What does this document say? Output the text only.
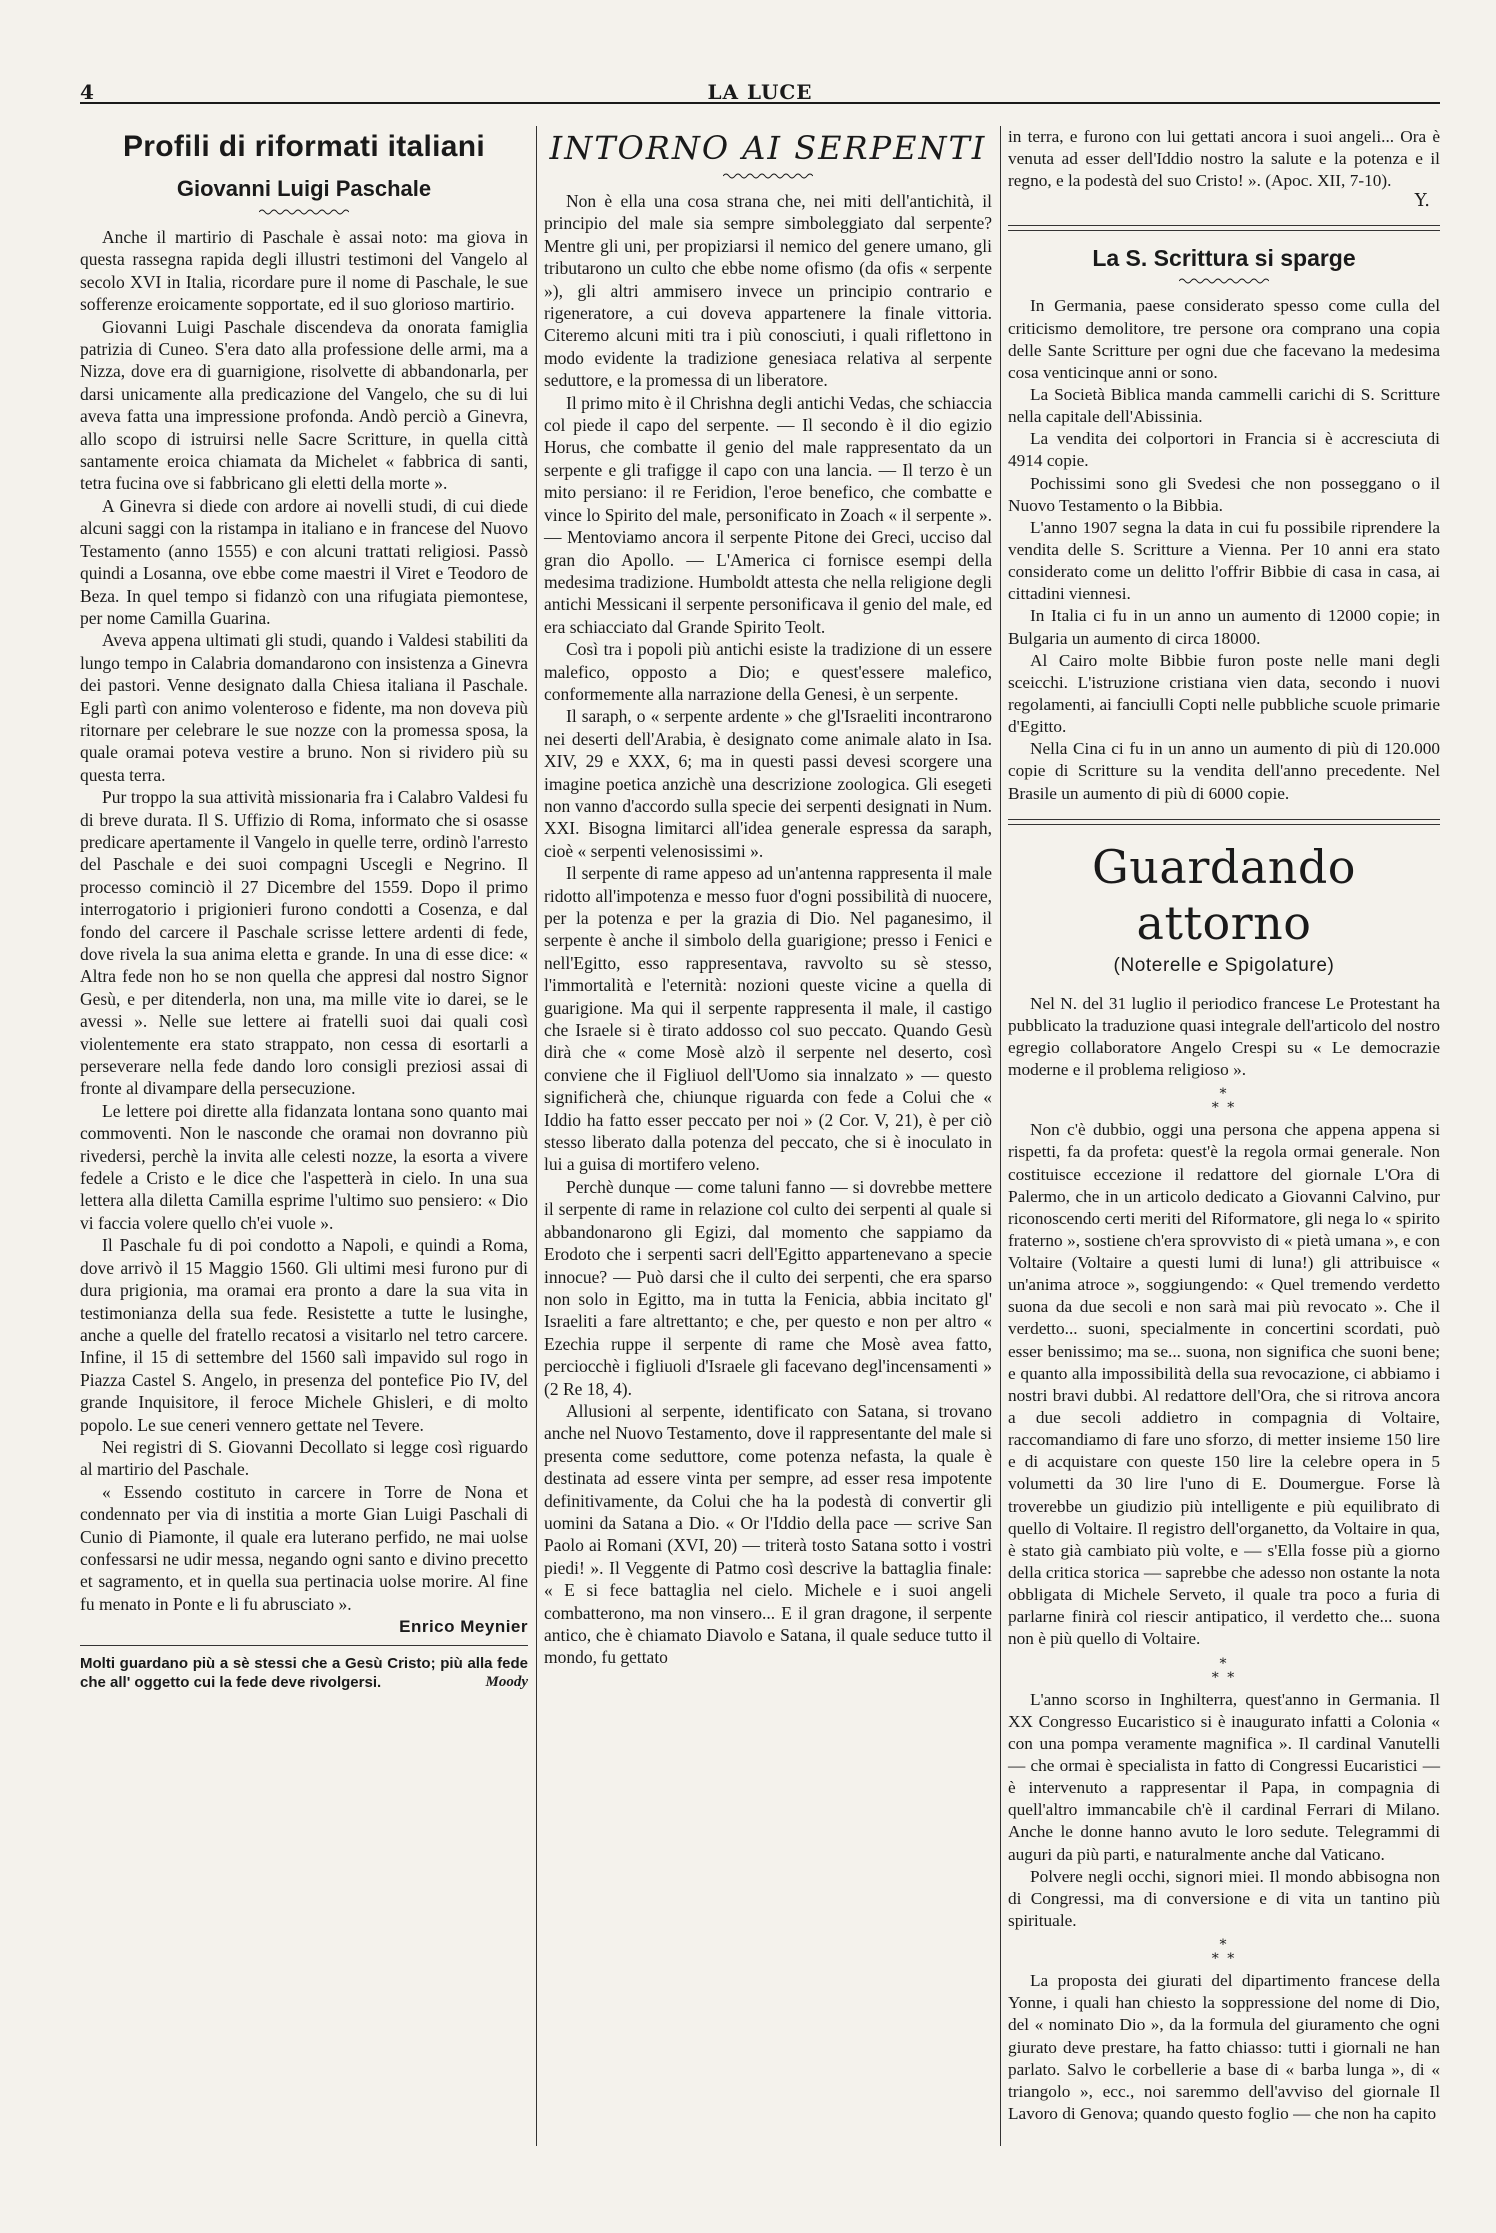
4	LA LUCE
Profili di riformati italiani
Giovanni Luigi Paschale

Anche il martirio di Paschale è assai noto: ma giova in questa rassegna rapida degli illustri testimoni del Vangelo al secolo XVI in Italia, ricordare pure il nome di Paschale, le sue sofferenze eroicamente sopportate, ed il suo glorioso martirio.

Giovanni Luigi Paschale discendeva da onorata famiglia patrizia di Cuneo. S'era dato alla professione delle armi, ma a Nizza, dove era di guarnigione, risolvette di abbandonarla, per darsi unicamente alla predicazione del Vangelo, che su di lui aveva fatta una impressione profonda. Andò perciò a Ginevra, allo scopo di istruirsi nelle Sacre Scritture, in quella città santamente eroica chiamata da Michelet « fabbrica di santi, tetra fucina ove si fabbricano gli eletti della morte ».

A Ginevra si diede con ardore ai novelli studi, di cui diede alcuni saggi con la ristampa in italiano e in francese del Nuovo Testamento (anno 1555) e con alcuni trattati religiosi. Passò quindi a Losanna, ove ebbe come maestri il Viret e Teodoro de Beza. In quel tempo si fidanzò con una rifugiata piemontese, per nome Camilla Guarina.

Aveva appena ultimati gli studi, quando i Valdesi stabiliti da lungo tempo in Calabria domandarono con insistenza a Ginevra dei pastori. Venne designato dalla Chiesa italiana il Paschale. Egli partì con animo volenteroso e fidente, ma non doveva più ritornare per celebrare le sue nozze con la promessa sposa, la quale oramai poteva vestire a bruno. Non si rividero più su questa terra.

Pur troppo la sua attività missionaria fra i Calabro Valdesi fu di breve durata. Il S. Uffizio di Roma, informato che si osasse predicare apertamente il Vangelo in quelle terre, ordinò l'arresto del Paschale e dei suoi compagni Uscegli e Negrino. Il processo cominciò il 27 Dicembre del 1559. Dopo il primo interrogatorio i prigionieri furono condotti a Cosenza, e dal fondo del carcere il Paschale scrisse lettere ardenti di fede, dove rivela la sua anima eletta e grande. In una di esse dice: « Altra fede non ho se non quella che appresi dal nostro Signor Gesù, e per ditenderla, non una, ma mille vite io darei, se le avessi ». Nelle sue lettere ai fratelli suoi dai quali così violentemente era stato strappato, non cessa di esortarli a perseverare nella fede dando loro consigli preziosi assai di fronte al divampare della persecuzione.

Le lettere poi dirette alla fidanzata lontana sono quanto mai commoventi. Non le nasconde che oramai non dovranno più rivedersi, perchè la invita alle celesti nozze, la esorta a vivere fedele a Cristo e le dice che l'aspetterà in cielo. In una sua lettera alla diletta Camilla esprime l'ultimo suo pensiero: « Dio vi faccia volere quello ch'ei vuole ».

Il Paschale fu di poi condotto a Napoli, e quindi a Roma, dove arrivò il 15 Maggio 1560. Gli ultimi mesi furono pur di dura prigionia, ma oramai era pronto a dare la sua vita in testimonianza della sua fede. Resistette a tutte le lusinghe, anche a quelle del fratello recatosi a visitarlo nel tetro carcere. Infine, il 15 di settembre del 1560 salì impavido sul rogo in Piazza Castel S. Angelo, in presenza del pontefice Pio IV, del grande Inquisitore, il feroce Michele Ghisleri, e di molto popolo. Le sue ceneri vennero gettate nel Tevere.

Nei registri di S. Giovanni Decollato si legge così riguardo al martirio del Paschale.

« Essendo costituto in carcere in Torre de Nona et condennato per via di institia a morte Gian Luigi Paschali di Cunio di Piamonte, il quale era luterano perfido, ne mai uolse confessarsi ne udir messa, negando ogni santo e divino precetto et sagramento, et in quella sua pertinacia uolse morire. Al fine fu menato in Ponte e li fu abrusciato ».

Enrico Meynier
Molti guardano più a sè stessi che a Gesù Cristo; più alla fede che all' oggetto cui la fede deve rivolgersi.	Moody
INTORNO AI SERPENTI

Non è ella una cosa strana che, nei miti dell'antichità, il principio del male sia sempre simboleggiato dal serpente? Mentre gli uni, per propiziarsi il nemico del genere umano, gli tributarono un culto che ebbe nome ofismo (da ofis « serpente »), gli altri ammisero invece un principio contrario e rigeneratore, a cui doveva appartenere la finale vittoria. Citeremo alcuni miti tra i più conosciuti, i quali riflettono in modo evidente la tradizione genesiaca relativa al serpente seduttore, e la promessa di un liberatore.

Il primo mito è il Chrishna degli antichi Vedas, che schiaccia col piede il capo del serpente. — Il secondo è il dio egizio Horus, che combatte il genio del male rappresentato da un serpente e gli trafigge il capo con una lancia. — Il terzo è un mito persiano: il re Feridion, l'eroe benefico, che combatte e vince lo Spirito del male, personificato in Zoach « il serpente ». — Mentoviamo ancora il serpente Pitone dei Greci, ucciso dal gran dio Apollo. — L'America ci fornisce esempi della medesima tradizione. Humboldt attesta che nella religione degli antichi Messicani il serpente personificava il genio del male, ed era schiacciato dal Grande Spirito Teolt.

Così tra i popoli più antichi esiste la tradizione di un essere malefico, opposto a Dio; e quest'essere malefico, conformemente alla narrazione della Genesi, è un serpente.

Il saraph, o « serpente ardente » che gl'Israeliti incontrarono nei deserti dell'Arabia, è designato come animale alato in Isa. XIV, 29 e XXX, 6; ma in questi passi devesi scorgere una imagine poetica anzichè una descrizione zoologica. Gli esegeti non vanno d'accordo sulla specie dei serpenti designati in Num. XXI. Bisogna limitarci all'idea generale espressa da saraph, cioè « serpenti velenosissimi ».

Il serpente di rame appeso ad un'antenna rappresenta il male ridotto all'impotenza e messo fuor d'ogni possibilità di nuocere, per la potenza e per la grazia di Dio. Nel paganesimo, il serpente è anche il simbolo della guarigione; presso i Fenici e nell'Egitto, esso rappresentava, ravvolto su sè stesso, l'immortalità e l'eternità: nozioni queste vicine a quella di guarigione. Ma qui il serpente rappresenta il male, il castigo che Israele si è tirato addosso col suo peccato. Quando Gesù dirà che « come Mosè alzò il serpente nel deserto, così conviene che il Figliuol dell'Uomo sia innalzato » — questo significherà che, chiunque riguarda con fede a Colui che « Iddio ha fatto esser peccato per noi » (2 Cor. V, 21), è per ciò stesso liberato dalla potenza del peccato, che si è inoculato in lui a guisa di mortifero veleno.

Perchè dunque — come taluni fanno — si dovrebbe mettere il serpente di rame in relazione col culto dei serpenti al quale si abbandonarono gli Egizi, dal momento che sappiamo da Erodoto che i serpenti sacri dell'Egitto appartenevano a specie innocue? — Può darsi che il culto dei serpenti, che era sparso non solo in Egitto, ma in tutta la Fenicia, abbia incitato gl' Israeliti a fare altrettanto; e che, per questo e non per altro « Ezechia ruppe il serpente di rame che Mosè avea fatto, perciocchè i figliuoli d'Israele gli facevano degl'incensamenti » (2 Re 18, 4).

Allusioni al serpente, identificato con Satana, si trovano anche nel Nuovo Testamento, dove il rappresentante del male si presenta come seduttore, come potenza nefasta, la quale è destinata ad essere vinta per sempre, ad esser resa impotente definitivamente, da Colui che ha la podestà di convertir gli uomini da Satana a Dio. « Or l'Iddio della pace — scrive San Paolo ai Romani (XVI, 20) — triterà tosto Satana sotto i vostri piedi! ». Il Veggente di Patmo così descrive la battaglia finale: « E si fece battaglia nel cielo. Michele e i suoi angeli combatterono, ma non vinsero... E il gran dragone, il serpente antico, che è chiamato Diavolo e Satana, il quale seduce tutto il mondo, fu gettato

in terra, e furono con lui gettati ancora i suoi angeli... Ora è venuta ad esser dell'Iddio nostro la salute e la potenza e il regno, e la podestà del suo Cristo! ». (Apoc. XII, 7-10).

Y.
La S. Scrittura si sparge

In Germania, paese considerato spesso come culla del criticismo demolitore, tre persone ora comprano una copia delle Sante Scritture per ogni due che facevano la medesima cosa venticinque anni or sono.

La Società Biblica manda cammelli carichi di S. Scritture nella capitale dell'Abissinia.

La vendita dei colportori in Francia si è accresciuta di 4914 copie.

Pochissimi sono gli Svedesi che non posseggano o il Nuovo Testamento o la Bibbia.

L'anno 1907 segna la data in cui fu possibile riprendere la vendita delle S. Scritture a Vienna. Per 10 anni era stato considerato come un delitto l'offrir Bibbie di casa in casa, ai cittadini viennesi.

In Italia ci fu in un anno un aumento di 12000 copie; in Bulgaria un aumento di circa 18000.

Al Cairo molte Bibbie furon poste nelle mani degli sceicchi. L'istruzione cristiana vien data, secondo i nuovi regolamenti, ai fanciulli Copti nelle pubbliche scuole primarie d'Egitto.

Nella Cina ci fu in un anno un aumento di più di 120.000 copie di Scritture su la vendita dell'anno precedente. Nel Brasile un aumento di più di 6000 copie.

Guardando attorno
(Noterelle e Spigolature)

Nel N. del 31 luglio il periodico francese Le Protestant ha pubblicato la traduzione quasi integrale dell'articolo del nostro egregio collaboratore Angelo Crespi su « Le democrazie moderne e il problema religioso ».

*
* *

Non c'è dubbio, oggi una persona che appena appena si rispetti, fa da profeta: quest'è la regola ormai generale. Non costituisce eccezione il redattore del giornale L'Ora di Palermo, che in un articolo dedicato a Giovanni Calvino, pur riconoscendo certi meriti del Riformatore, gli nega lo « spirito fraterno », sostiene ch'era sprovvisto di « pietà umana », e con Voltaire (Voltaire a questi lumi di luna!) gli attribuisce « un'anima atroce », soggiungendo: « Quel tremendo verdetto suona da due secoli e non sarà mai più revocato ». Che il verdetto... suoni, specialmente in concertini scordati, può esser benissimo; ma se... suona, non significa che suoni bene; e quanto alla impossibilità della sua revocazione, ci abbiamo i nostri bravi dubbi. Al redattore dell'Ora, che si ritrova ancora a due secoli addietro in compagnia di Voltaire, raccomandiamo di fare uno sforzo, di metter insieme 150 lire e di acquistare con queste 150 lire la celebre opera in 5 volumetti da 30 lire l'uno di E. Doumergue. Forse là troverebbe un giudizio più intelligente e più equilibrato di quello di Voltaire. Il registro dell'organetto, da Voltaire in qua, è stato già cambiato più volte, e — s'Ella fosse più a giorno della critica storica — saprebbe che adesso non ostante la nota obbligata di Michele Serveto, il quale tra poco a furia di parlarne finirà col riescir antipatico, il verdetto che... suona non è più quello di Voltaire.

*
* *

L'anno scorso in Inghilterra, quest'anno in Germania. Il XX Congresso Eucaristico si è inaugurato infatti a Colonia « con una pompa veramente magnifica ». Il cardinal Vanutelli — che ormai è specialista in fatto di Congressi Eucaristici — è intervenuto a rappresentar il Papa, in compagnia di quell'altro immancabile ch'è il cardinal Ferrari di Milano. Anche le donne hanno avuto le loro sedute. Telegrammi di auguri da più parti, e naturalmente anche dal Vaticano.

Polvere negli occhi, signori miei. Il mondo abbisogna non di Congressi, ma di conversione e di vita un tantino più spirituale.

*
* *

La proposta dei giurati del dipartimento francese della Yonne, i quali han chiesto la soppressione del nome di Dio, del « nominato Dio », da la formula del giuramento che ogni giurato deve prestare, ha fatto chiasso: tutti i giornali ne han parlato. Salvo le corbellerie a base di « barba lunga », di « triangolo », ecc., noi saremmo dell'avviso del giornale Il Lavoro di Genova; quando questo foglio — che non ha capito
